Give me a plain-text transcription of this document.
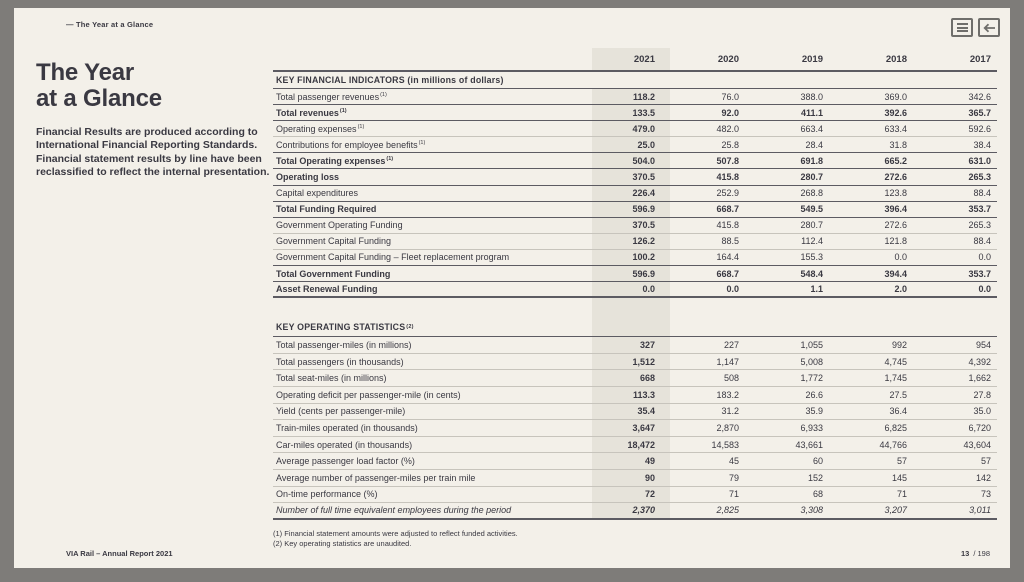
— The Year at a Glance
The Year
at a Glance

Financial Results are produced according to International Financial Reporting Standards. Financial statement results by line have been reclassified to reflect the internal presentation.

2021	2020	2019	2018	2017
KEY FINANCIAL INDICATORS (in millions of dollars)
Total passenger revenues$^{(1)}$	118.2	76.0	388.0	369.0	342.6
Total revenues$^{(1)}$	133.5	92.0	411.1	392.6	365.7
Operating expenses$^{(1)}$	479.0	482.0	663.4	633.4	592.6
Contributions for employee benefits$^{(1)}$	25.0	25.8	28.4	31.8	38.4
Total Operating expenses$^{(1)}$	504.0	507.8	691.8	665.2	631.0
Operating loss	370.5	415.8	280.7	272.6	265.3
Capital expenditures	226.4	252.9	268.8	123.8	88.4
Total Funding Required	596.9	668.7	549.5	396.4	353.7
Government Operating Funding	370.5	415.8	280.7	272.6	265.3
Government Capital Funding	126.2	88.5	112.4	121.8	88.4
Government Capital Funding – Fleet replacement program	100.2	164.4	155.3	0.0	0.0
Total Government Funding	596.9	668.7	548.4	394.4	353.7
Asset Renewal Funding	0.0	0.0	1.1	2.0	0.0
KEY OPERATING STATISTICS (2)
Total passenger-miles (in millions)	327	227	1,055	992	954
Total passengers (in thousands)	1,512	1,147	5,008	4,745	4,392
Total seat-miles (in millions)	668	508	1,772	1,745	1,662
Operating deficit per passenger-mile (in cents)	113.3	183.2	26.6	27.5	27.8
Yield (cents per passenger-mile)	35.4	31.2	35.9	36.4	35.0
Train-miles operated (in thousands)	3,647	2,870	6,933	6,825	6,720
Car-miles operated (in thousands)	18,472	14,583	43,661	44,766	43,604
Average passenger load factor (%)	49	45	60	57	57
Average number of passenger-miles per train mile	90	79	152	145	142
On-time performance (%)	72	71	68	71	73
Number of full time equivalent employees during the period	2,370	2,825	3,308	3,207	3,011
(1) Financial statement amounts were adjusted to reflect funded activities.
(2) Key operating statistics are unaudited.
VIA Rail – Annual Report 2021	13 / 198
